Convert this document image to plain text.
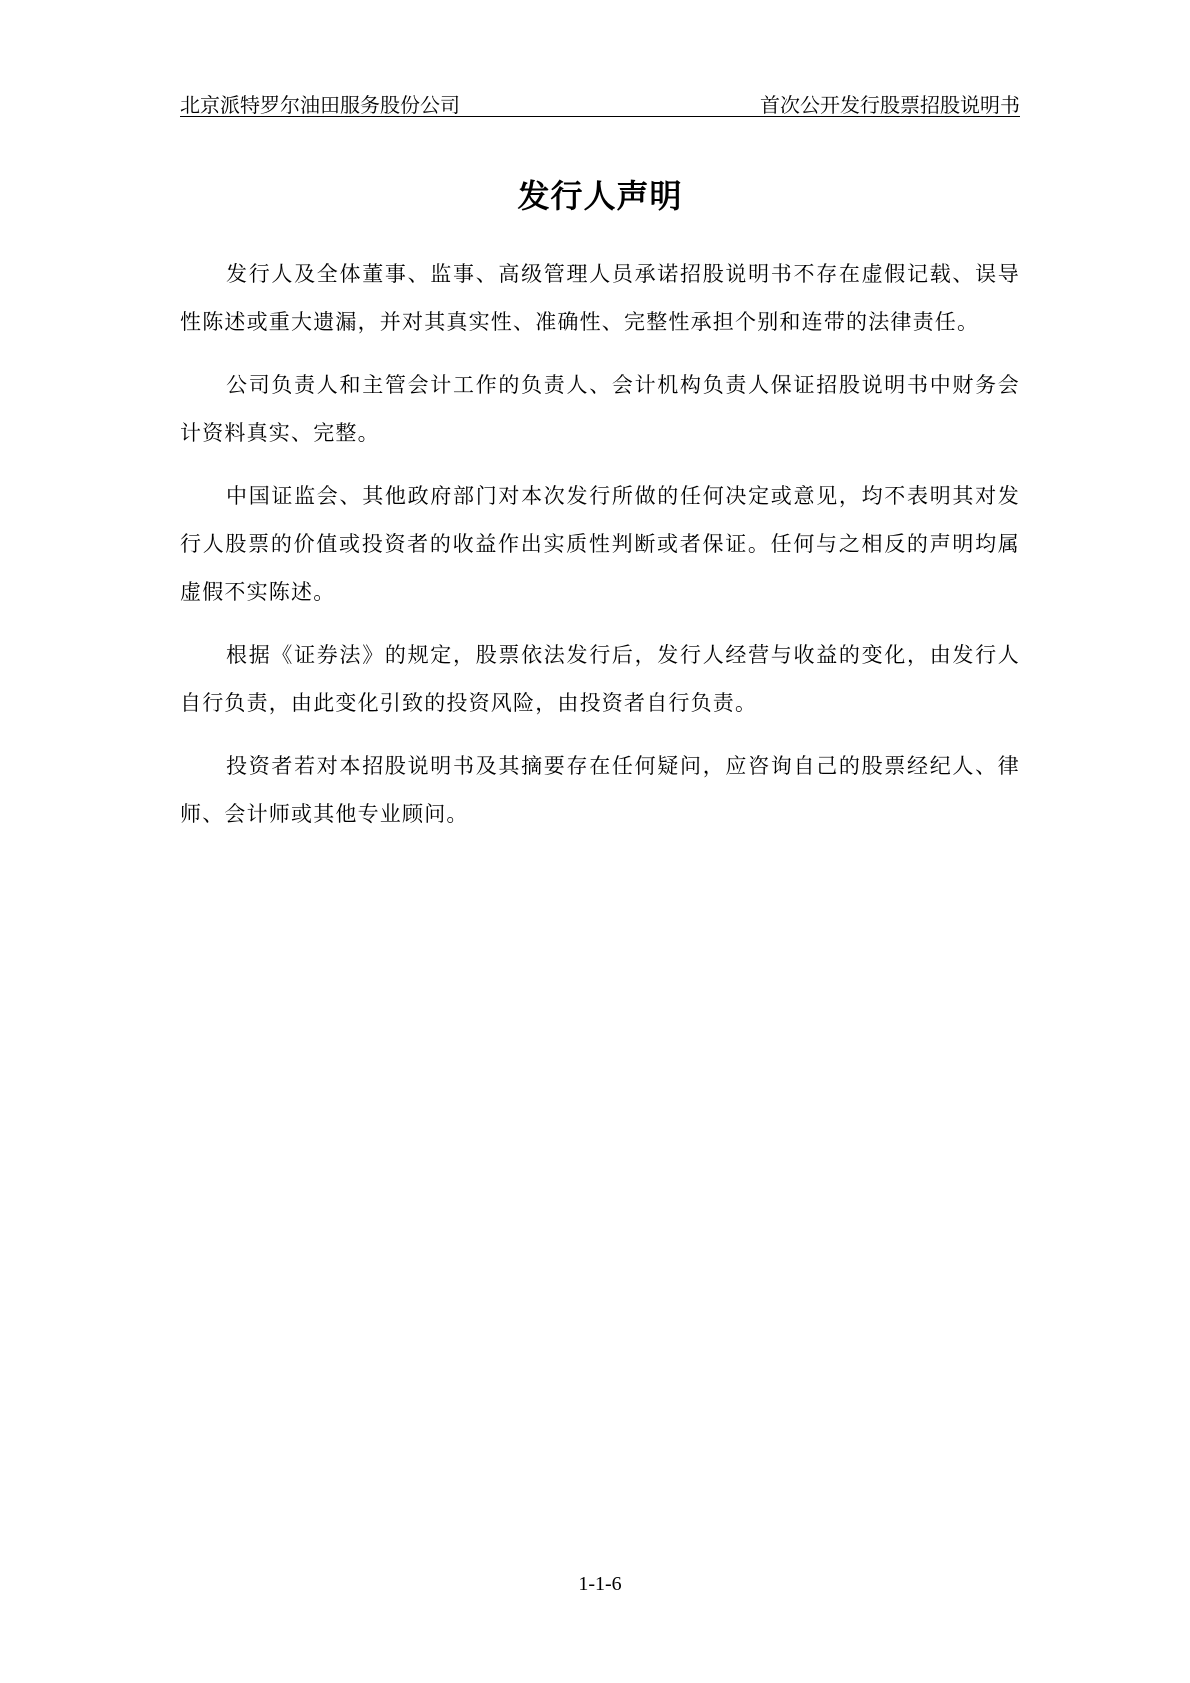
北京派特罗尔油田服务股份公司	首次公开发行股票招股说明书
发行人声明

发行人及全体董事、监事、高级管理人员承诺招股说明书不存在虚假记载、误导性陈述或重大遗漏，并对其真实性、准确性、完整性承担个别和连带的法律责任。

公司负责人和主管会计工作的负责人、会计机构负责人保证招股说明书中财务会计资料真实、完整。

中国证监会、其他政府部门对本次发行所做的任何决定或意见，均不表明其对发行人股票的价值或投资者的收益作出实质性判断或者保证。任何与之相反的声明均属虚假不实陈述。

根据《证券法》的规定，股票依法发行后，发行人经营与收益的变化，由发行人自行负责，由此变化引致的投资风险，由投资者自行负责。

投资者若对本招股说明书及其摘要存在任何疑问，应咨询自己的股票经纪人、律师、会计师或其他专业顾问。

1-1-6
